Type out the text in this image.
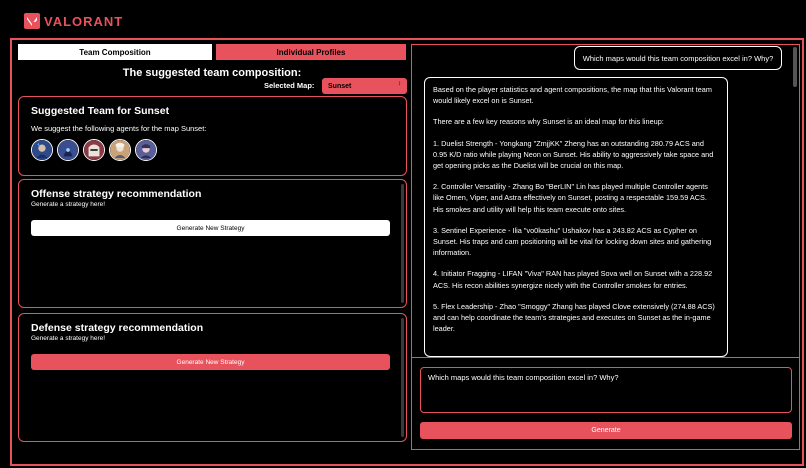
VALORANT
Team Composition	Individual Profiles
The suggested team composition:
Selected Map: Sunset	↕
Suggested Team for Sunset
We suggest the following agents for the map Sunset:
Offense strategy recommendation
Generate a strategy here!
Generate New Strategy
Defense strategy recommendation
Generate a strategy here!
Generate New Strategy
Which maps would this team composition excel in? Why?

Based on the player statistics and agent compositions, the map that this Valorant team would likely excel on is Sunset.

There are a few key reasons why Sunset is an ideal map for this lineup:

1. Duelist Strength - Yongkang "ZmjjKK" Zheng has an outstanding 280.79 ACS and 0.95 K/D ratio while playing Neon on Sunset. His ability to aggressively take space and get opening picks as the Duelist will be crucial on this map.

2. Controller Versatility - Zhang Bo "BerLIN" Lin has played multiple Controller agents like Omen, Viper, and Astra effectively on Sunset, posting a respectable 159.59 ACS. His smokes and utility will help this team execute onto sites.

3. Sentinel Experience - Ilia "vo0kashu" Ushakov has a 243.82 ACS as Cypher on Sunset. His traps and cam positioning will be vital for locking down sites and gathering information.

4. Initiator Fragging - LIFAN "Viva" RAN has played Sova well on Sunset with a 228.92 ACS. His recon abilities synergize nicely with the Controller smokes for entries.

5. Flex Leadership - Zhao "Smoggy" Zhang has played Clove extensively (274.88 ACS) and can help coordinate the team's strategies and executes on Sunset as the in-game leader.

Which maps would this team composition excel in? Why?
Generate
